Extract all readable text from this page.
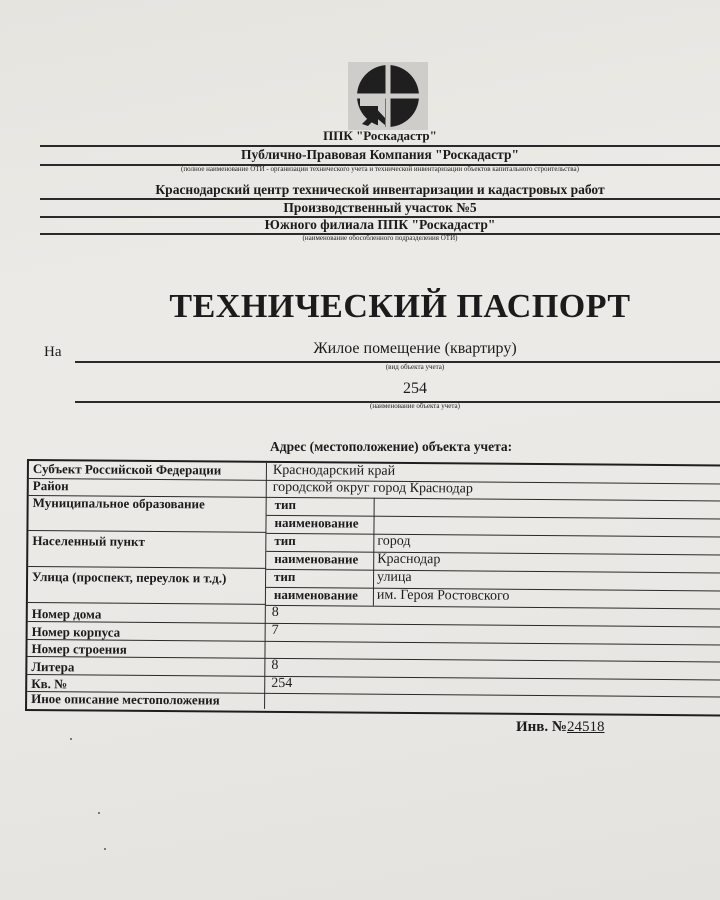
ППК "Роскадастр"
Публично-Правовая Компания "Роскадастр"
(полное наименование ОТИ - организации технического учета и технической инвентаризации объектов капитального строительства)
Краснодарский центр технической инвентаризации и кадастровых работ
Производственный участок №5
Южного филиала ППК "Роскадастр"
(наименование обособленного подразделения ОТИ)
ТЕХНИЧЕСКИЙ ПАСПОРТ
На	Жилое помещение (квартиру)
(вид объекта учета)
254
(наименование объекта учета)
Адрес (местоположение) объекта учета:
Субъект Российской Федерации	Краснодарский край
Район	городской округ город Краснодар
Муниципальное образование	тип
наименование
Населенный пункт	тип	город
наименование	Краснодар
Улица (проспект, переулок и т.д.)	тип	улица
наименование	им. Героя Ростовского
Номер дома	8
Номер корпуса	7
Номер строения
Литера	8
Кв. №	254
Иное описание местоположения
Инв. №24518
